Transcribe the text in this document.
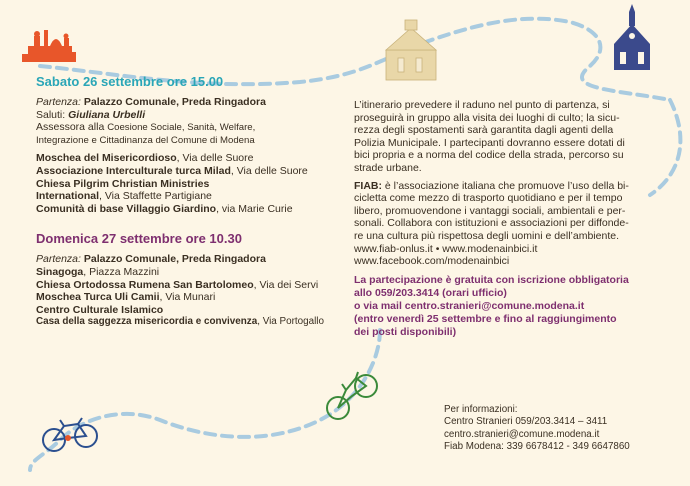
Sabato 26 settembre ore 15.00
Partenza: Palazzo Comunale, Preda Ringadora
Saluti: Giuliana Urbelli
Assessora alla Coesione Sociale, Sanità, Welfare,
Integrazione e Cittadinanza del Comune di Modena
Moschea del Misericordioso, Via delle Suore
Associazione Interculturale turca Milad, Via delle Suore
Chiesa Pilgrim Christian Ministries
International, Via Staffette Partigiane
Comunità di base Villaggio Giardino, via Marie Curie
Domenica 27 settembre ore 10.30
Partenza: Palazzo Comunale, Preda Ringadora
Sinagoga, Piazza Mazzini
Chiesa Ortodossa Rumena San Bartolomeo, Via dei Servi
Moschea Turca Uli Camii, Via Munari
Centro Culturale Islamico
Casa della saggezza misericordia e convivenza, Via Portogallo
L’itinerario prevedere il raduno nel punto di partenza, si
proseguirà in gruppo alla visita dei luoghi di culto; la sicu-
rezza degli spostamenti sarà garantita dagli agenti della
Polizia Municipale. I partecipanti dovranno essere dotati di
bici propria e a norma del codice della strada, percorso su
strade urbane.
FIAB: è l’associazione italiana che promuove l’uso della bi-
cicletta come mezzo di trasporto quotidiano e per il tempo
libero, promuovendone i vantaggi sociali, ambientali e per-
sonali. Collabora con istituzioni e associazioni per diffonde-
re una cultura più rispettosa degli uomini e dell’ambiente.
www.fiab-onlus.it • www.modenainbici.it
www.facebook.com/modenainbici
La partecipazione è gratuita con iscrizione obbligatoria
allo 059/203.3414 (orari ufficio)
o via mail centro.stranieri@comune.modena.it
(entro venerdì 25 settembre e fino al raggiungimento
dei posti disponibili)
Per informazioni:
Centro Stranieri 059/203.3414 – 3411
centro.stranieri@comune.modena.it
Fiab Modena: 339 6678412 - 349 6647860
